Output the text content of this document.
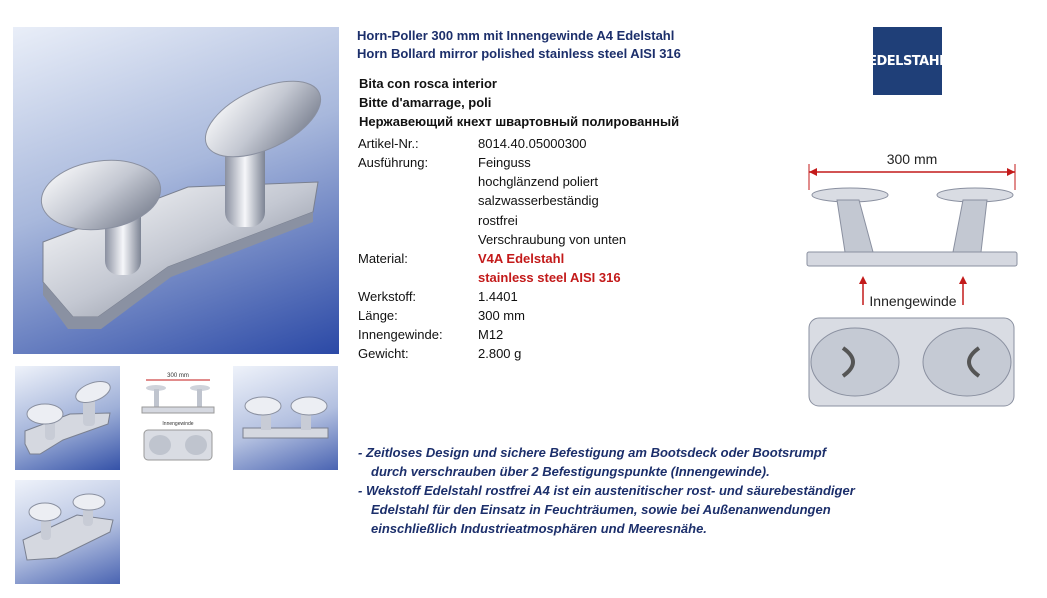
300 mm
Innengewinde
Horn-Poller 300 mm mit Innengewinde A4 Edelstahl
Horn Bollard mirror polished stainless steel AISI 316
Bita con rosca interior
Bitte d'amarrage, poli
Нержавеющий кнехт швартовный полированный
Artikel-Nr.:	8014.40.05000300
Ausführung:	Feinguss
hochglänzend poliert
salzwasserbeständig
rostfrei
Verschraubung von unten
Material:	V4A Edelstahl
stainless steel AISI 316
Werkstoff:	1.4401
Länge:	300 mm
Innengewinde:	M12
Gewicht:	2.800 g
- Zeitloses Design und sichere Befestigung am Bootsdeck oder Bootsrumpf
durch verschrauben über 2 Befestigungspunkte (Innengewinde).
- Wekstoff Edelstahl rostfrei A4 ist ein austenitischer rost- und säurebeständiger
Edelstahl für den Einsatz in Feuchträumen, sowie bei Außenanwendungen
einschließlich Industrieatmosphären und Meeresnähe.
EDELSTAHL
300 mm
Innengewinde
